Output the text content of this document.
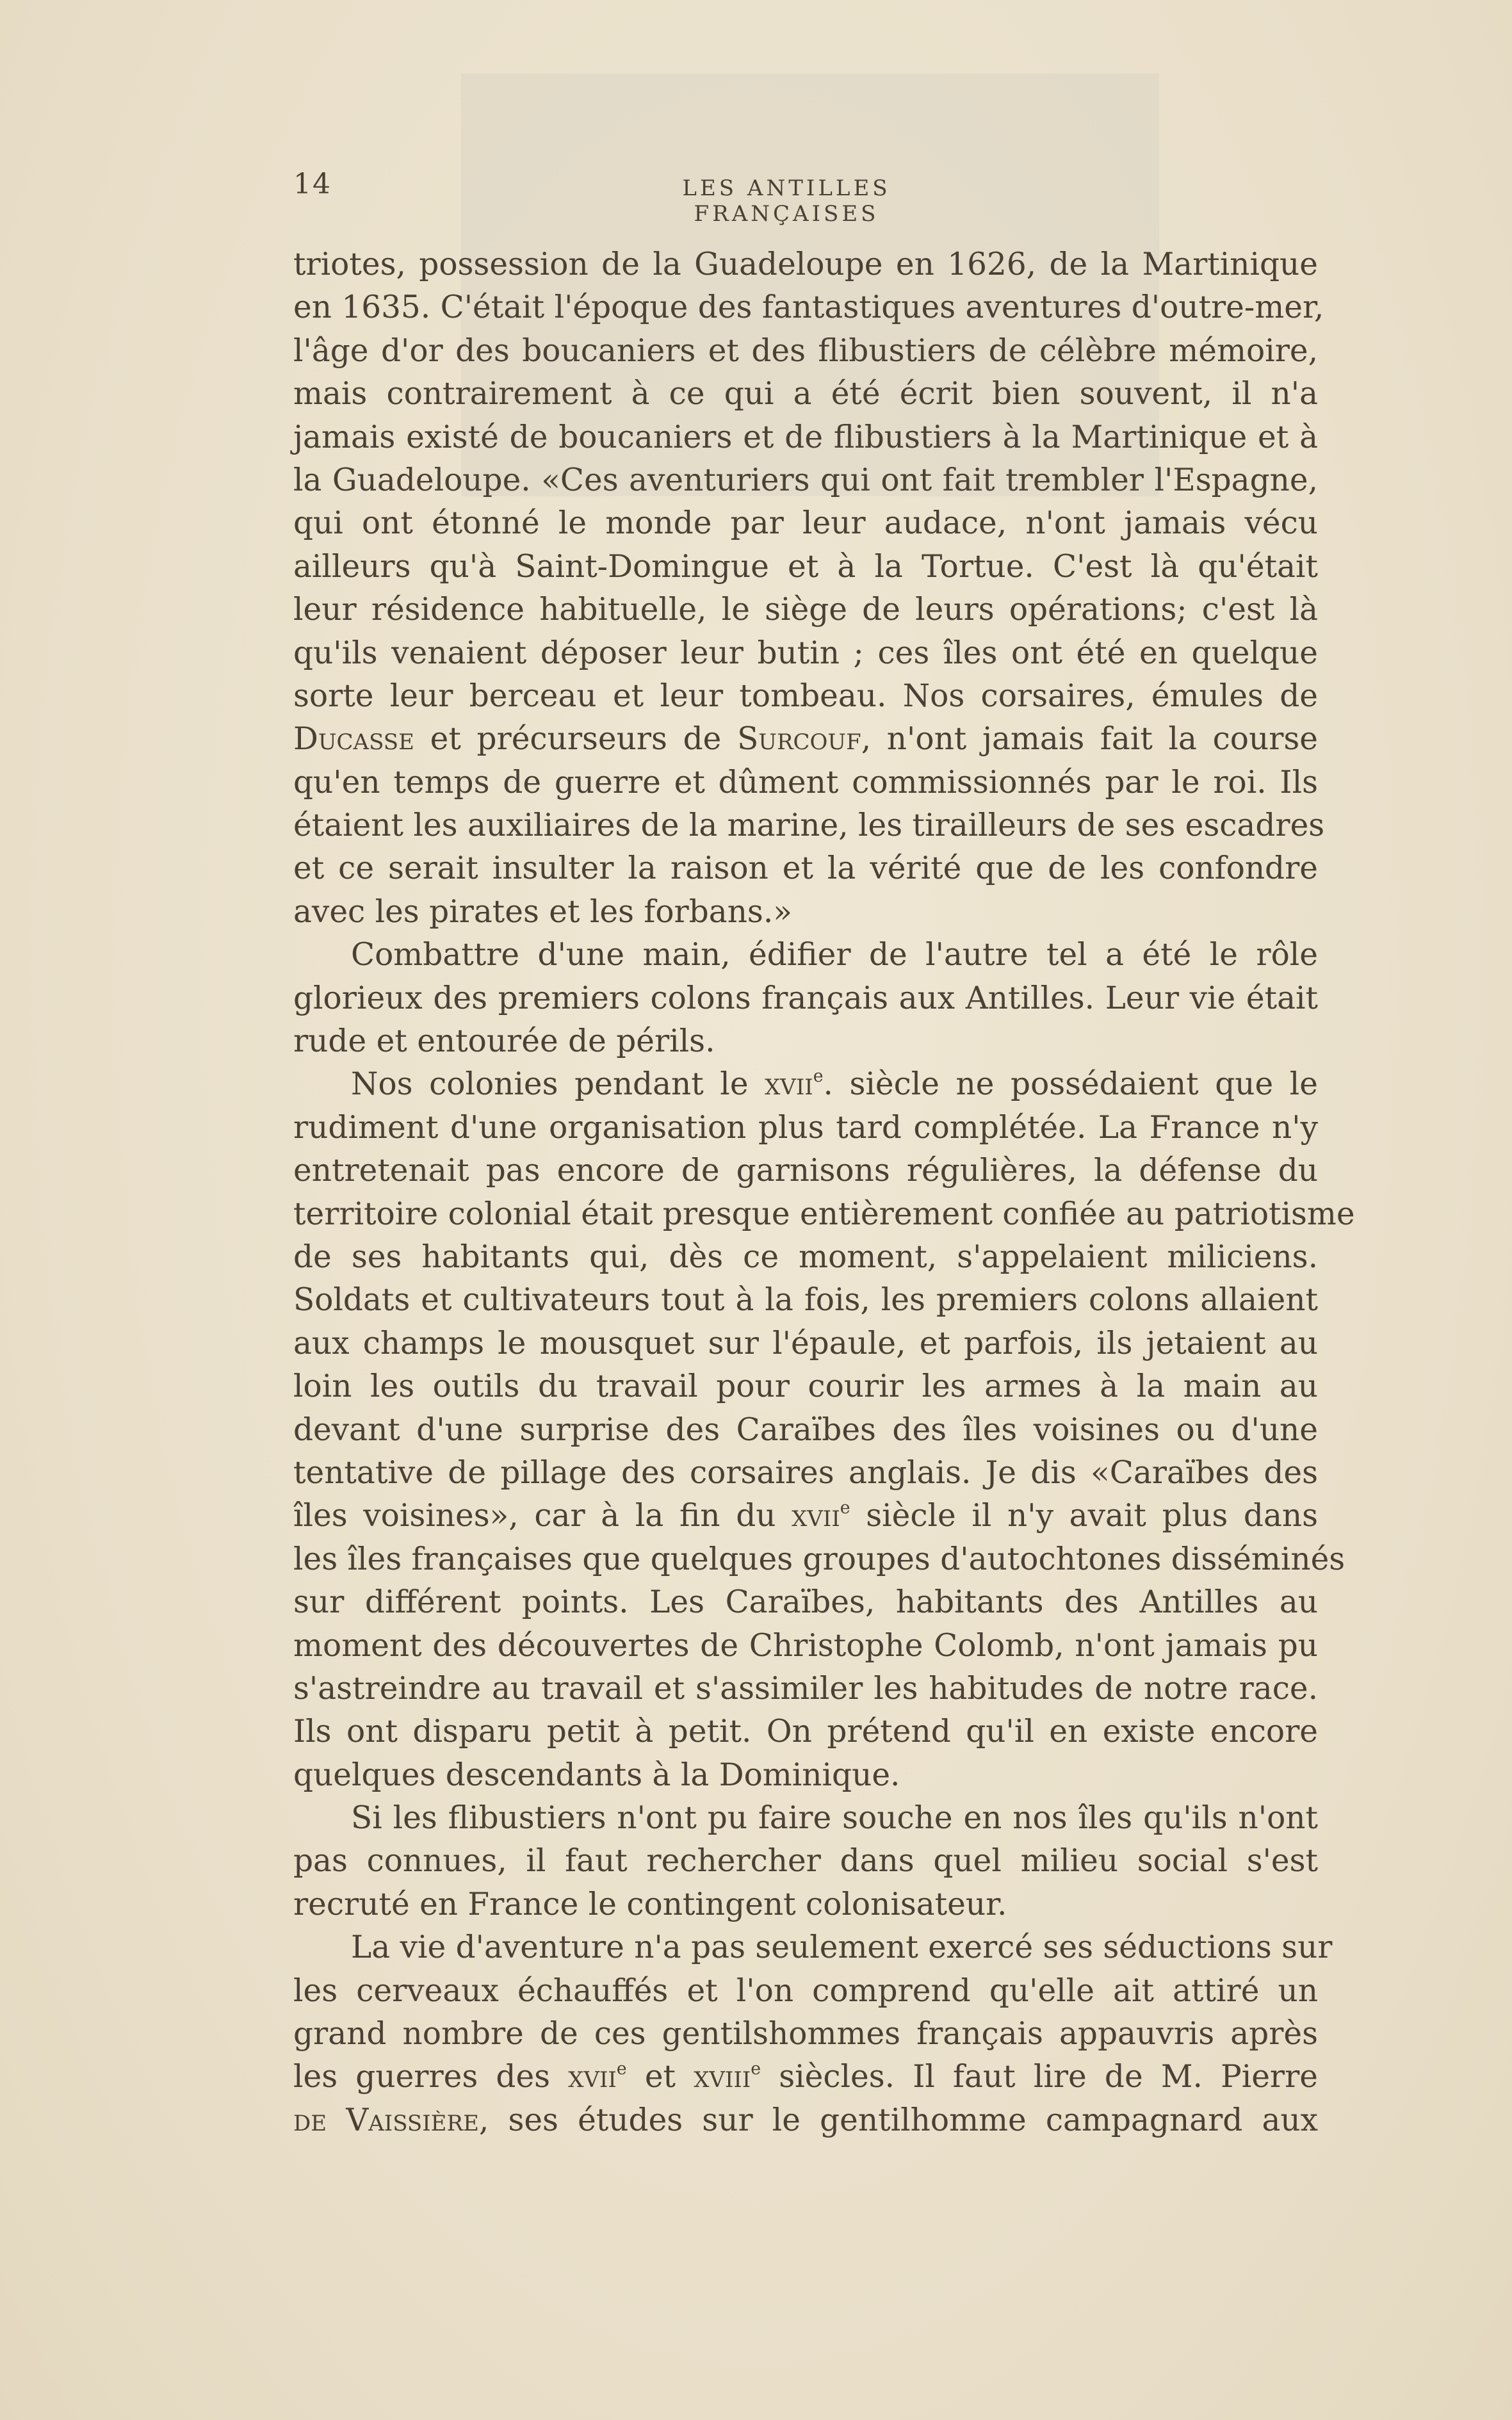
14	LES ANTILLES FRANÇAISES
triotes, possession de la Guadeloupe en 1626, de la Martinique
en 1635. C'était l'époque des fantastiques aventures d'outre-mer,
l'âge d'or des boucaniers et des flibustiers de célèbre mémoire,
mais contrairement à ce qui a été écrit bien souvent, il n'a
jamais existé de boucaniers et de flibustiers à la Martinique et à
la Guadeloupe. «Ces aventuriers qui ont fait trembler l'Espagne,
qui ont étonné le monde par leur audace, n'ont jamais vécu
ailleurs qu'à Saint-Domingue et à la Tortue. C'est là qu'était
leur résidence habituelle, le siège de leurs opérations; c'est là
qu'ils venaient déposer leur butin ; ces îles ont été en quelque
sorte leur berceau et leur tombeau. Nos corsaires, émules de
Ducasse et précurseurs de Surcouf, n'ont jamais fait la course
qu'en temps de guerre et dûment commissionnés par le roi. Ils
étaient les auxiliaires de la marine, les tirailleurs de ses escadres
et ce serait insulter la raison et la vérité que de les confondre
avec les pirates et les forbans.»
Combattre d'une main, édifier de l'autre tel a été le rôle
glorieux des premiers colons français aux Antilles. Leur vie était
rude et entourée de périls.
Nos colonies pendant le xvii$^e$. siècle ne possédaient que le
rudiment d'une organisation plus tard complétée. La France n'y
entretenait pas encore de garnisons régulières, la défense du
territoire colonial était presque entièrement confiée au patriotisme
de ses habitants qui, dès ce moment, s'appelaient miliciens.
Soldats et cultivateurs tout à la fois, les premiers colons allaient
aux champs le mousquet sur l'épaule, et parfois, ils jetaient au
loin les outils du travail pour courir les armes à la main au
devant d'une surprise des Caraïbes des îles voisines ou d'une
tentative de pillage des corsaires anglais. Je dis «Caraïbes des
îles voisines», car à la fin du xvii$^e$ siècle il n'y avait plus dans
les îles françaises que quelques groupes d'autochtones disséminés
sur différent points. Les Caraïbes, habitants des Antilles au
moment des découvertes de Christophe Colomb, n'ont jamais pu
s'astreindre au travail et s'assimiler les habitudes de notre race.
Ils ont disparu petit à petit. On prétend qu'il en existe encore
quelques descendants à la Dominique.
Si les flibustiers n'ont pu faire souche en nos îles qu'ils n'ont
pas connues, il faut rechercher dans quel milieu social s'est
recruté en France le contingent colonisateur.
La vie d'aventure n'a pas seulement exercé ses séductions sur
les cerveaux échauffés et l'on comprend qu'elle ait attiré un
grand nombre de ces gentilshommes français appauvris après
les guerres des xvii$^e$ et xviii$^e$ siècles. Il faut lire de M. Pierre
de Vaissière, ses études sur le gentilhomme campagnard aux
